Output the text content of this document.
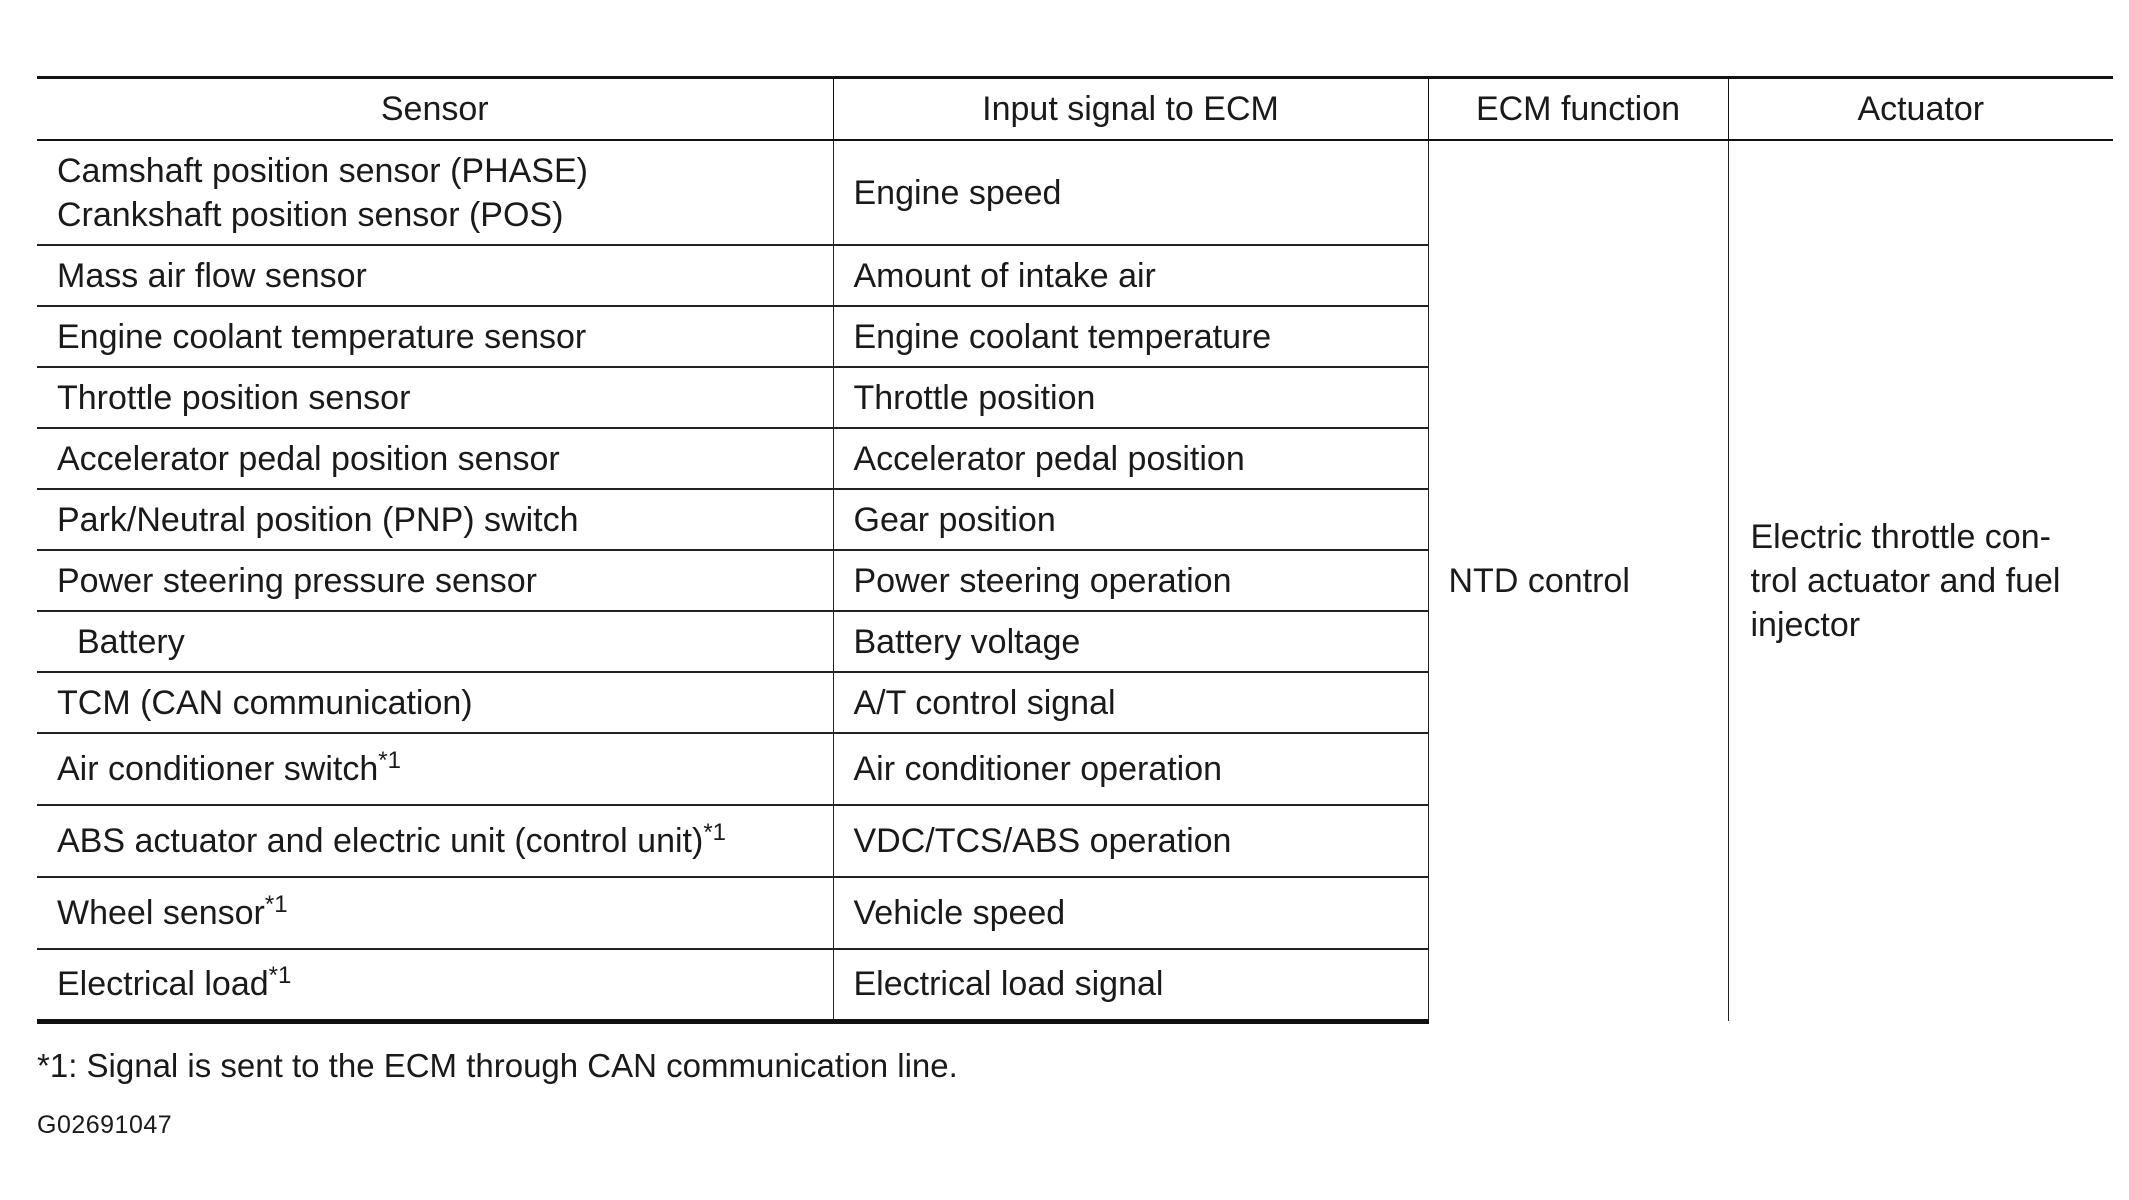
Sensor	Input signal to ECM	ECM function	Actuator

Camshaft position sensor (PHASE)
Crankshaft position sensor (POS)	Engine speed	NTD control	Electric throttle con-
trol actuator and fuel
injector

Mass air flow sensor	Amount of intake air		
Engine coolant temperature sensor	Engine coolant temperature		
Throttle position sensor	Throttle position		
Accelerator pedal position sensor	Accelerator pedal position		
Park/Neutral position (PNP) switch	Gear position		
Power steering pressure sensor	Power steering operation		
Battery	Battery voltage		
TCM (CAN communication)	A/T control signal		
Air conditioner switch$^{*1}$	Air conditioner operation		
ABS actuator and electric unit (control unit)$^{*1}$	VDC/TCS/ABS operation		
Wheel sensor$^{*1}$	Vehicle speed		
Electrical load$^{*1}$	Electrical load signal		
*1: Signal is sent to the ECM through CAN communication line.
G02691047
